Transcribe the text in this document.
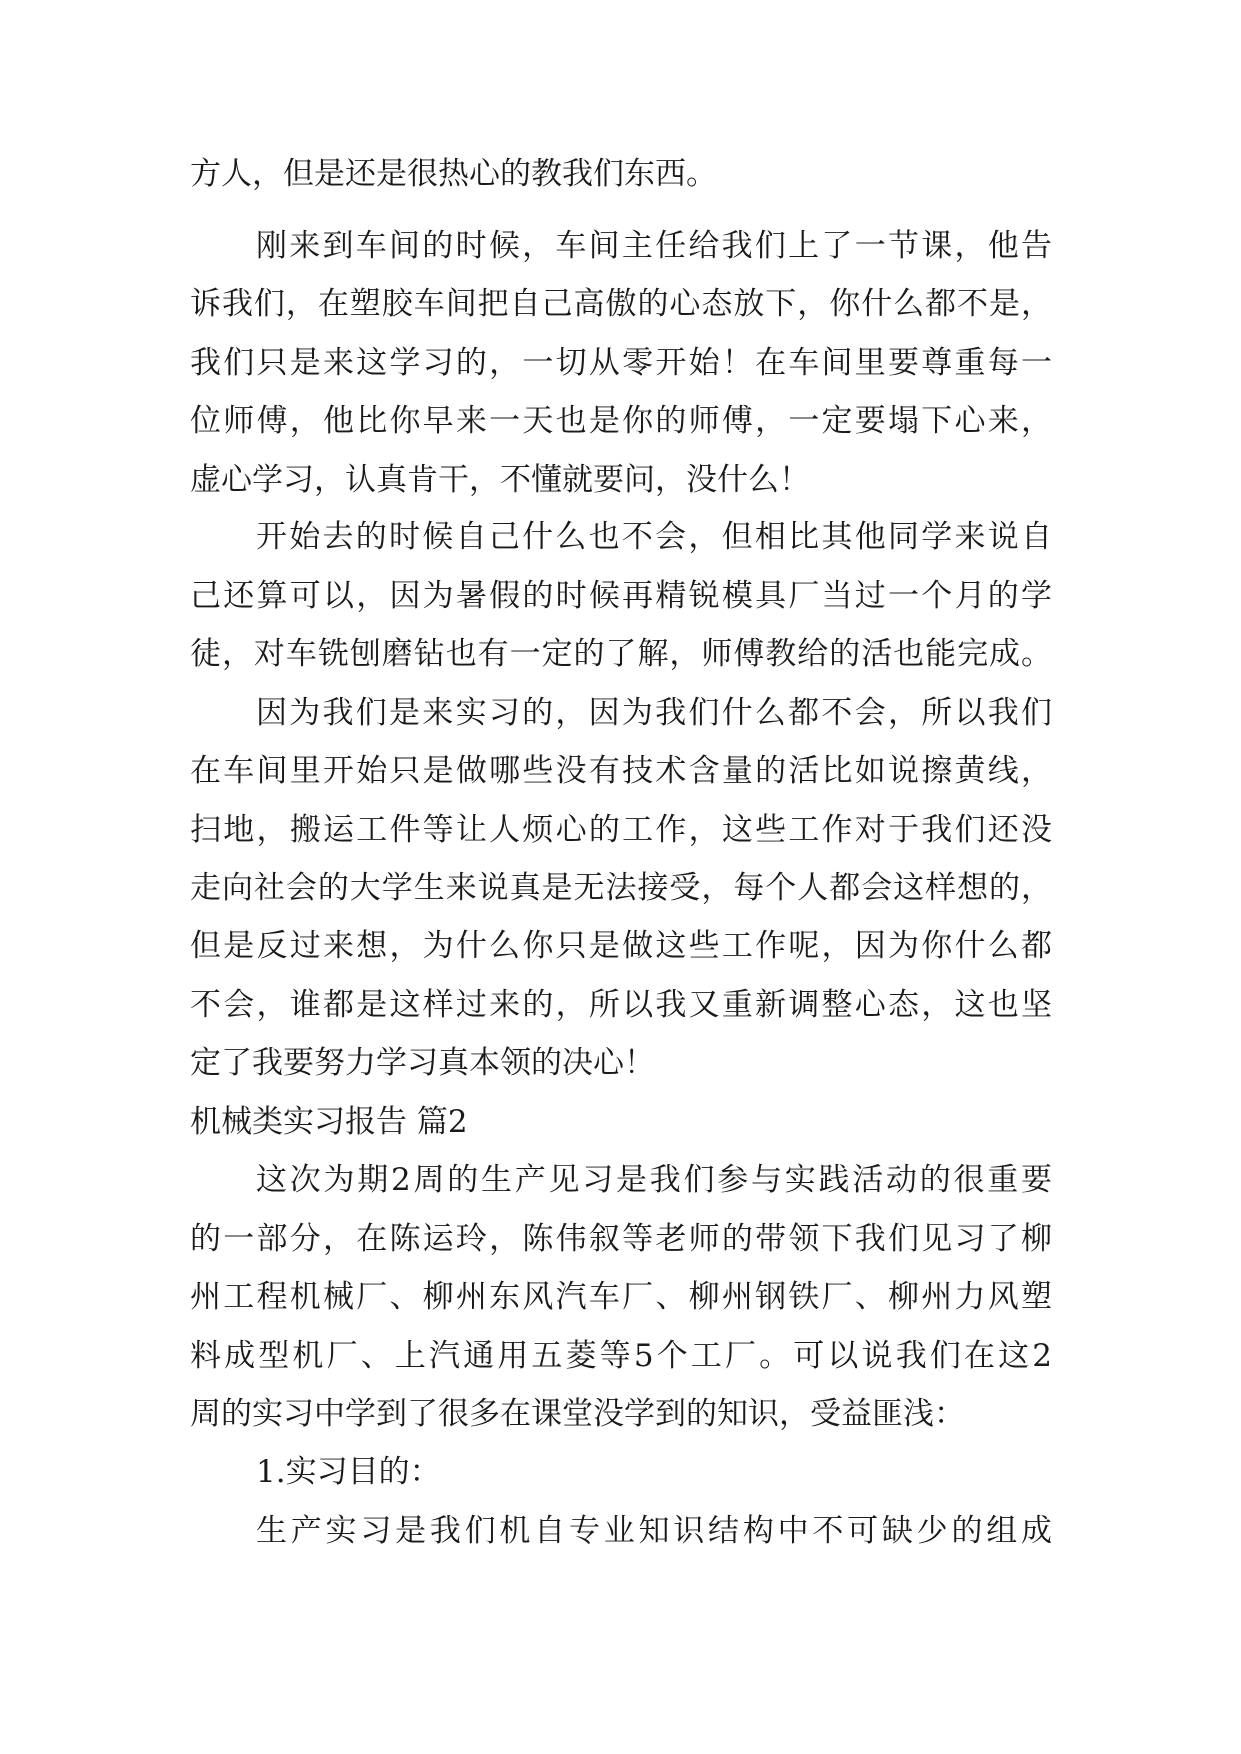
方人，但是还是很热心的教我们东西。
刚来到车间的时候，车间主任给我们上了一节课，他告
诉我们，在塑胶车间把自己高傲的心态放下，你什么都不是，
我们只是来这学习的，一切从零开始！在车间里要尊重每一
位师傅，他比你早来一天也是你的师傅，一定要塌下心来，
虚心学习，认真肯干，不懂就要问，没什么！
开始去的时候自己什么也不会，但相比其他同学来说自
己还算可以，因为暑假的时候再精锐模具厂当过一个月的学
徒，对车铣刨磨钻也有一定的了解，师傅教给的活也能完成。
因为我们是来实习的，因为我们什么都不会，所以我们
在车间里开始只是做哪些没有技术含量的活比如说擦黄线，
扫地，搬运工件等让人烦心的工作，这些工作对于我们还没
走向社会的大学生来说真是无法接受，每个人都会这样想的，
但是反过来想，为什么你只是做这些工作呢，因为你什么都
不会，谁都是这样过来的，所以我又重新调整心态，这也坚
定了我要努力学习真本领的决心！
机械类实习报告 篇2
这次为期2周的生产见习是我们参与实践活动的很重要
的一部分，在陈运玲，陈伟叙等老师的带领下我们见习了柳
州工程机械厂、柳州东风汽车厂、柳州钢铁厂、柳州力风塑
料成型机厂、上汽通用五菱等5个工厂。可以说我们在这2
周的实习中学到了很多在课堂没学到的知识，受益匪浅：
1.实习目的：
生产实习是我们机自专业知识结构中不可缺少的组成
